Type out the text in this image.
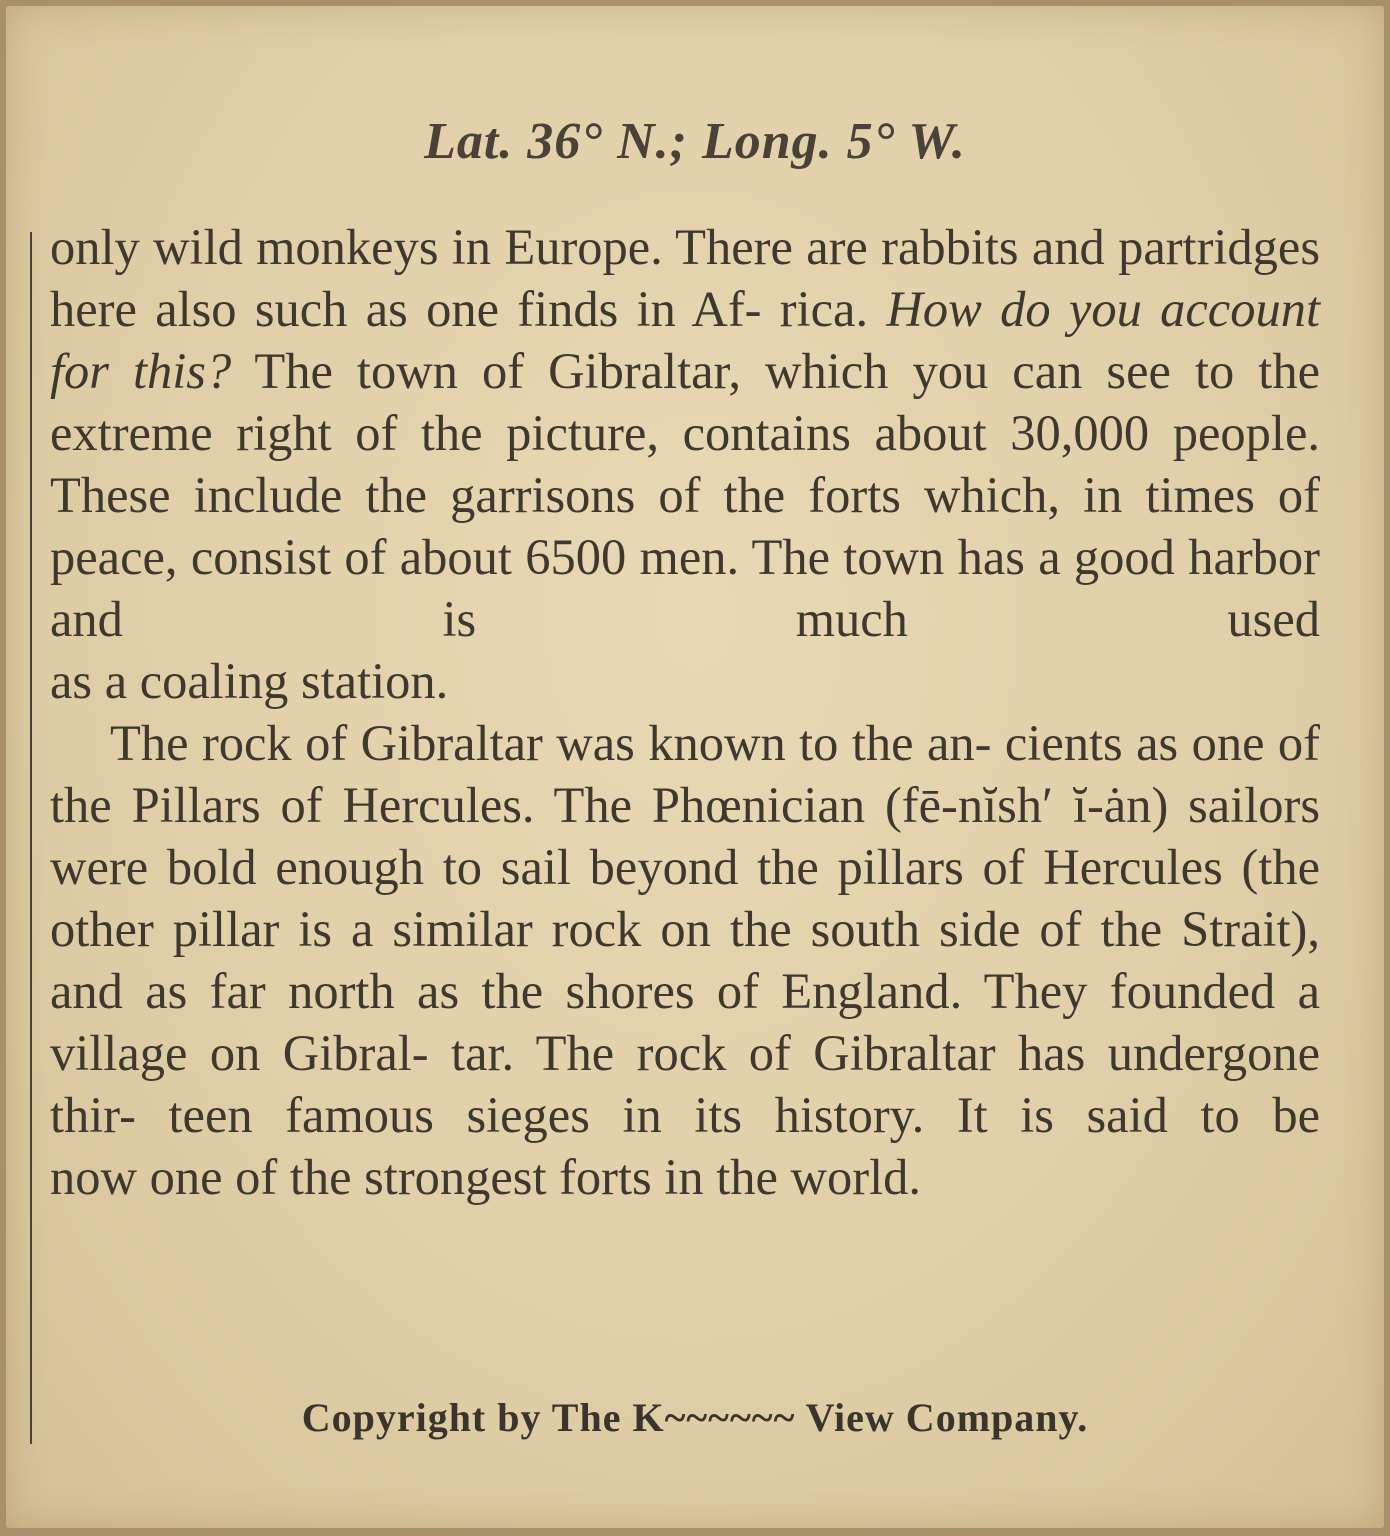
Lat. 36° N.; Long. 5° W.

only wild monkeys in Europe. There are rabbits and partridges here also such as one finds in Af- rica. How do you account for this? The town of Gibraltar, which you can see to the extreme right of the picture, contains about 30,000 people. These include the garrisons of the forts which, in times of peace, consist of about 6500 men. The town has a good harbor and is much used

as a coaling station.

The rock of Gibraltar was known to the an- cients as one of the Pillars of Hercules. The Phœnician (fē-nĭsh′ ĭ-ȧn) sailors were bold enough to sail beyond the pillars of Hercules (the other pillar is a similar rock on the south side of the Strait), and as far north as the shores of England. They founded a village on Gibral- tar. The rock of Gibraltar has undergone thir- teen famous sieges in its history. It is said to be

now one of the strongest forts in the world.

Copyright by The K~~~~~~ View Company.
